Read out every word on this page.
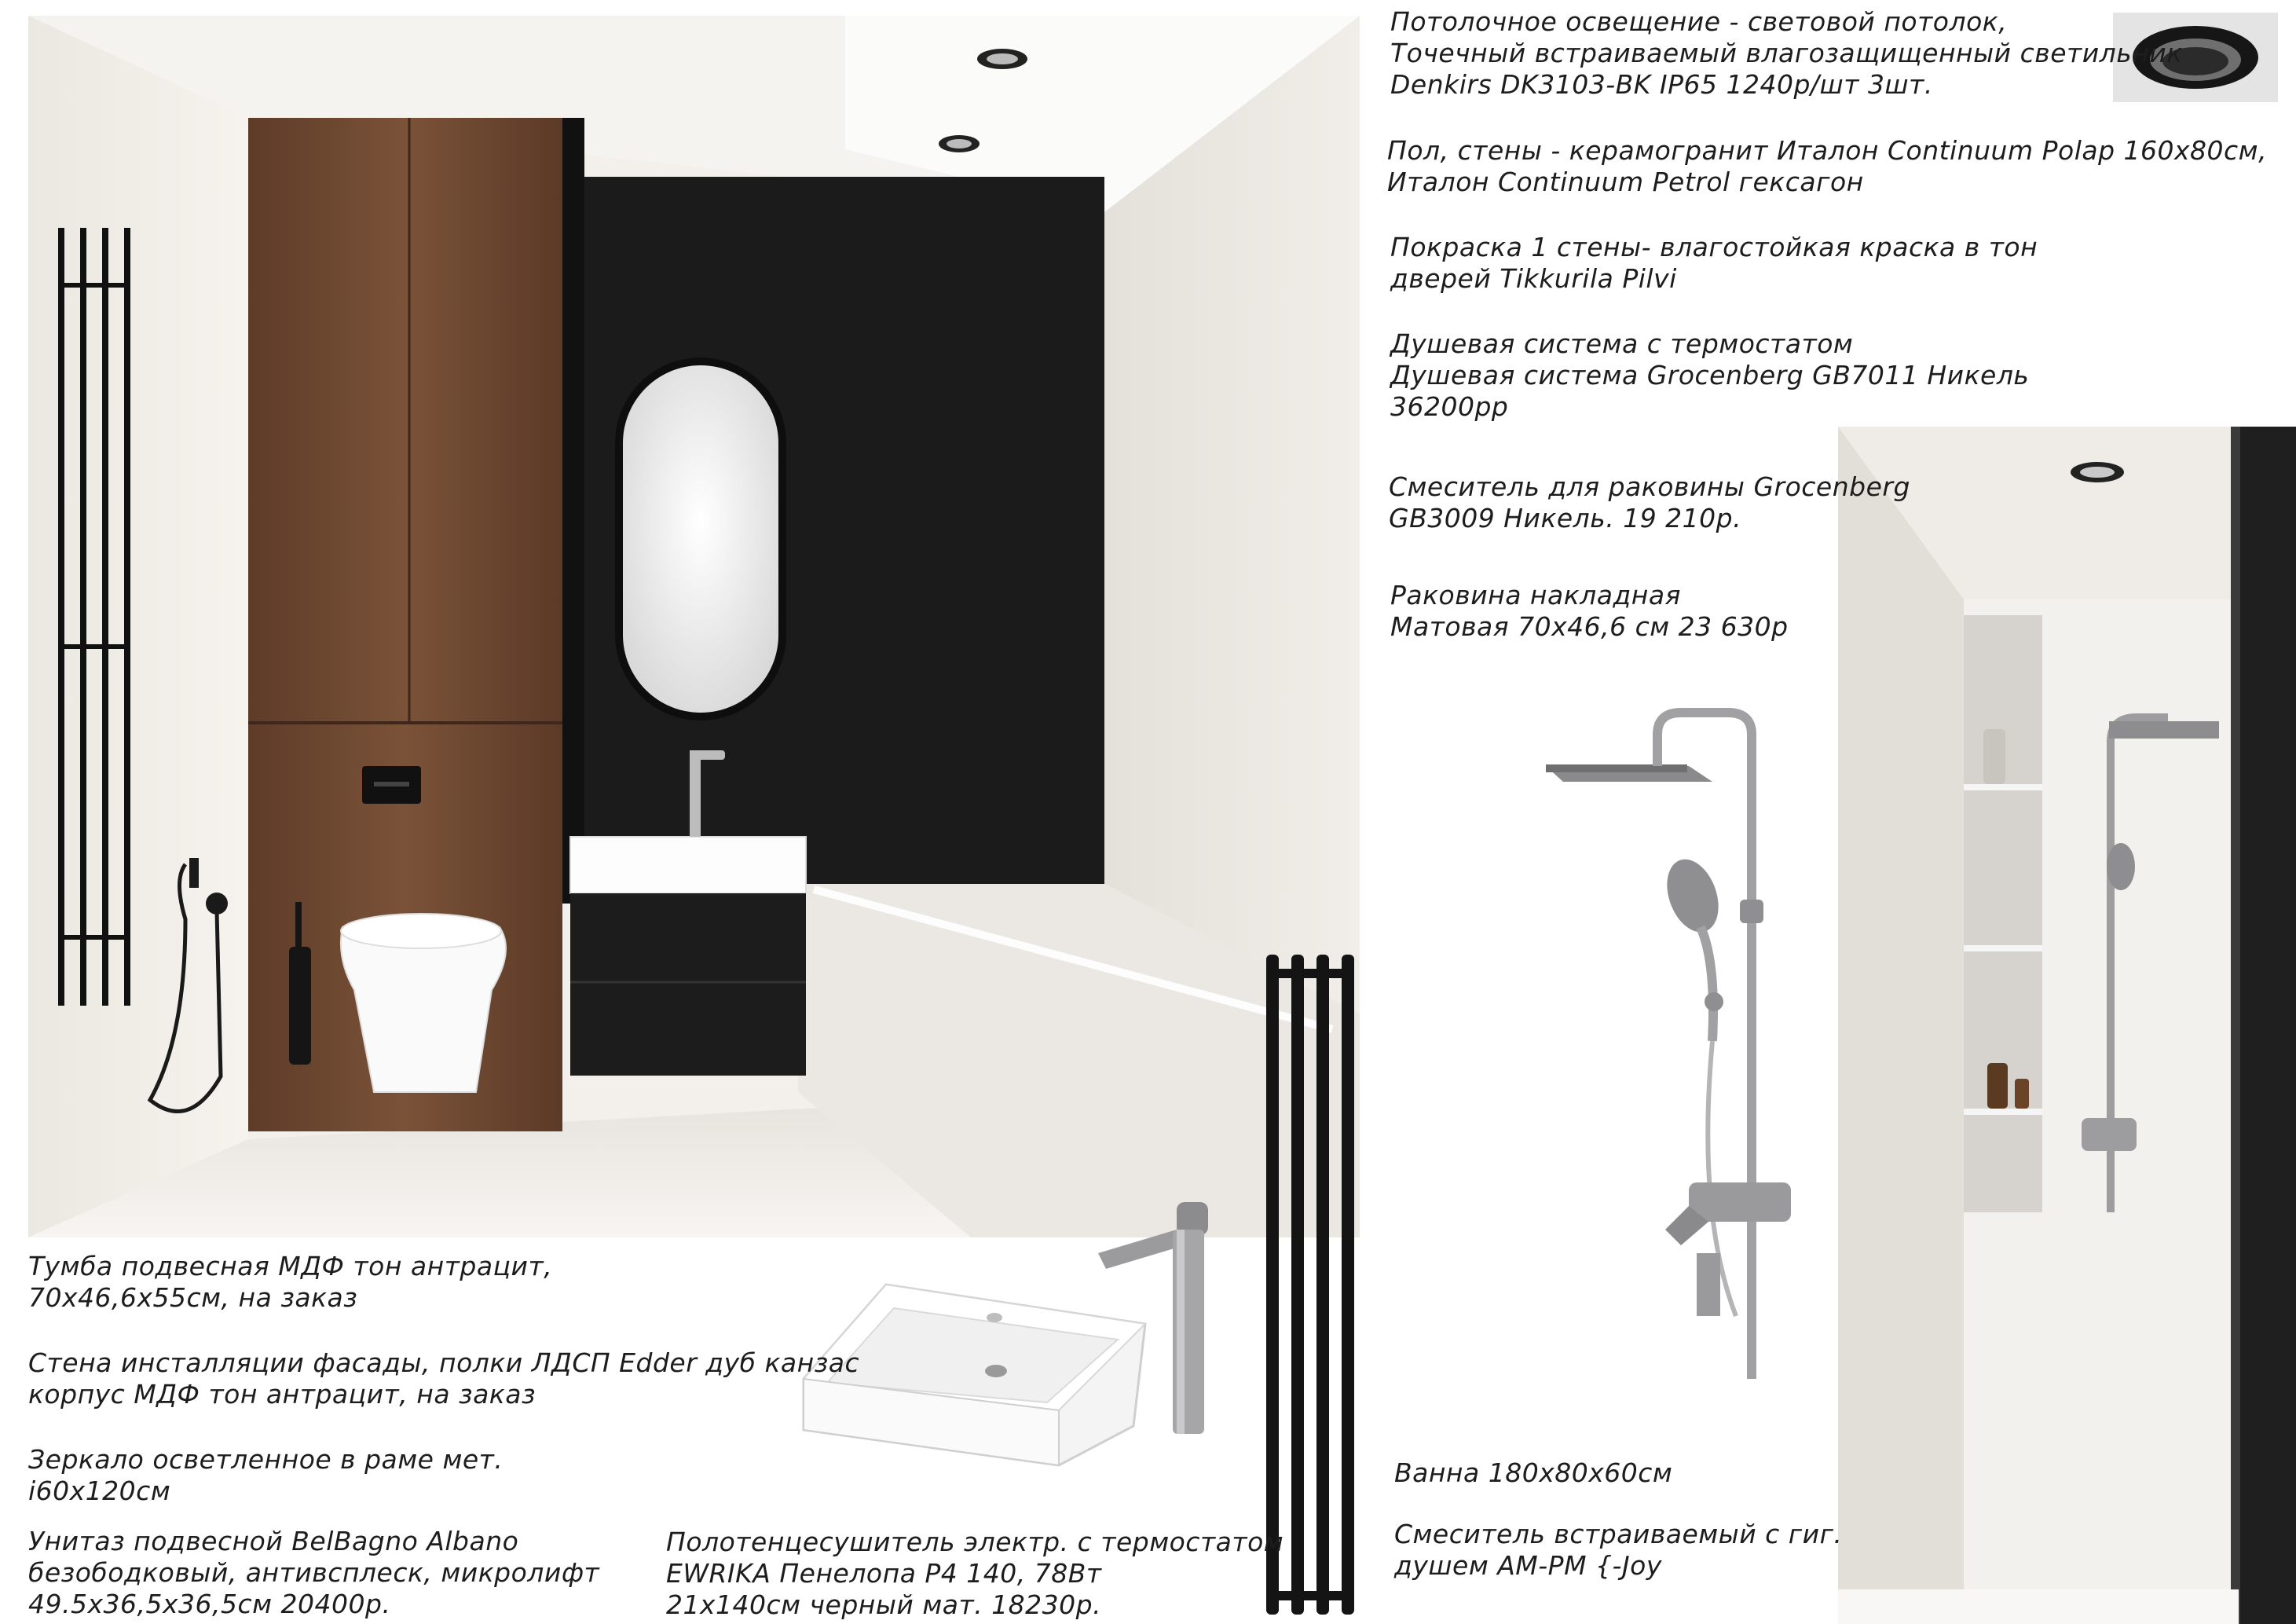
Потолочное освещение - световой потолок,
Точечный встраиваемый влагозащищенный светильник
Denkirs DK3103-BK IP65 1240р/шт 3шт.
Пол, стены - керамогранит Италон Continuum Polap 160х80см,
Италон Continuum Petrol гексагон
Покраска 1 стены- влагостойкая краска в тон
дверей Tikkurila Pilvi
Душевая система с термостатом
Душевая система Grocenberg GB7011 Никель
36200рр
Смеситель для раковины Grocenberg
GB3009 Никель. 19 210р.
Раковина накладная
Матовая 70х46,6 см 23 630р
Тумба подвесная МДФ тон антрацит,
70х46,6х55см, на заказ
Стена инсталляции фасады, полки ЛДСП Edder дуб канзас
корпус МДФ тон антрацит, на заказ
Зеркало осветленное в раме мет.
i60х120см
Унитаз подвесной BelBagno Albano
безободковый, антивсплеск, микролифт
49.5х36,5х36,5см 20400р.
Полотенцесушитель электр. с термостатом
EWRIKA Пенелопа P4 140, 78Вт
21х140см черный мат. 18230р.
Ванна 180х80х60см
Смеситель встраиваемый с гиг.
душем AM-PM {-Joy
